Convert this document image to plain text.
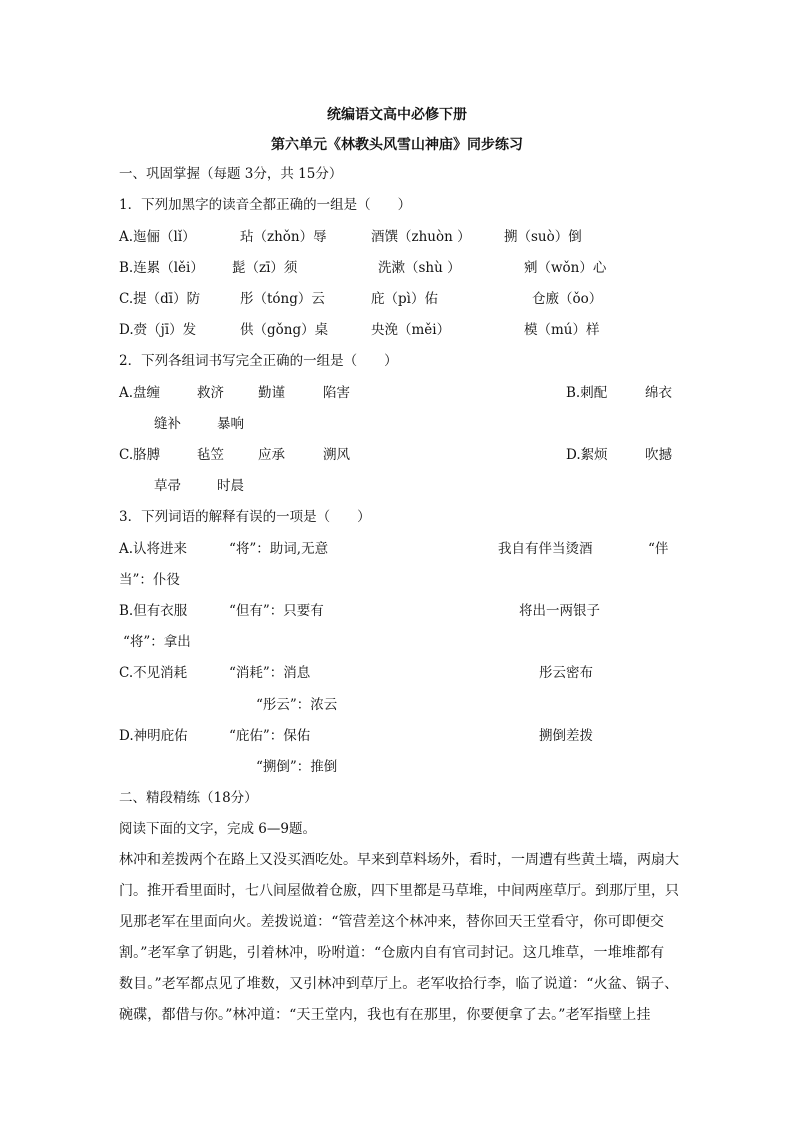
统编语文高中必修下册
第六单元《林教头风雪山神庙》同步练习
一、巩固掌握（每题 3分，共 15分）
1．下列加黑字的读音全都正确的一组是（　　）
A.迤俪（lǐ）	玷（zhǒn）辱	酒馔（zhuòn ） 搠（suò）倒
B.连累（lěi） 髭（zī）须	洗漱（shù ）	剜（wǒn）心
C.提（dī）防	彤（tóng）云	庇（pì）佑	仓廒（ǒo）
D.赍（jī）发	供（gǒng）桌	央浼（měi）	模（mú）样
2．下列各组词书写完全正确的一组是（　　）
A.盘缠	救济	勤谨	陷害	B.刺配	绵衣
缝补	暴响
C.胳膊	毡笠	应承	溯风	D.絮烦	吹撼
草帚	时晨
3．下列词语的解释有误的一项是（　　）
A.认将进来	“将”：助词,无意	我自有伴当烫酒	“伴
当”：仆役
B.但有衣服	“但有”：只要有	将出一两银子
“将”：拿出
C.不见消耗	“消耗”：消息	彤云密布
“彤云”：浓云
D.神明庇佑	“庇佑”：保佑	搠倒差拨
“搠倒”：推倒
二、精段精练（18分）
阅读下面的文字，完成 6—9题。
林冲和差拨两个在路上又没买酒吃处。早来到草料场外，看时，一周遭有些黄土墙，两扇大
门。推开看里面时，七八间屋做着仓廒，四下里都是马草堆，中间两座草厅。到那厅里，只
见那老军在里面向火。差拨说道：“管营差这个林冲来，替你回天王堂看守，你可即便交
割。”老军拿了钥匙，引着林冲，吩咐道：“仓廒内自有官司封记。这几堆草，一堆堆都有
数目。”老军都点见了堆数，又引林冲到草厅上。老军收拾行李，临了说道：“火盆、锅子、
碗碟，都借与你。”林冲道：“天王堂内，我也有在那里，你要便拿了去。”老军指壁上挂
